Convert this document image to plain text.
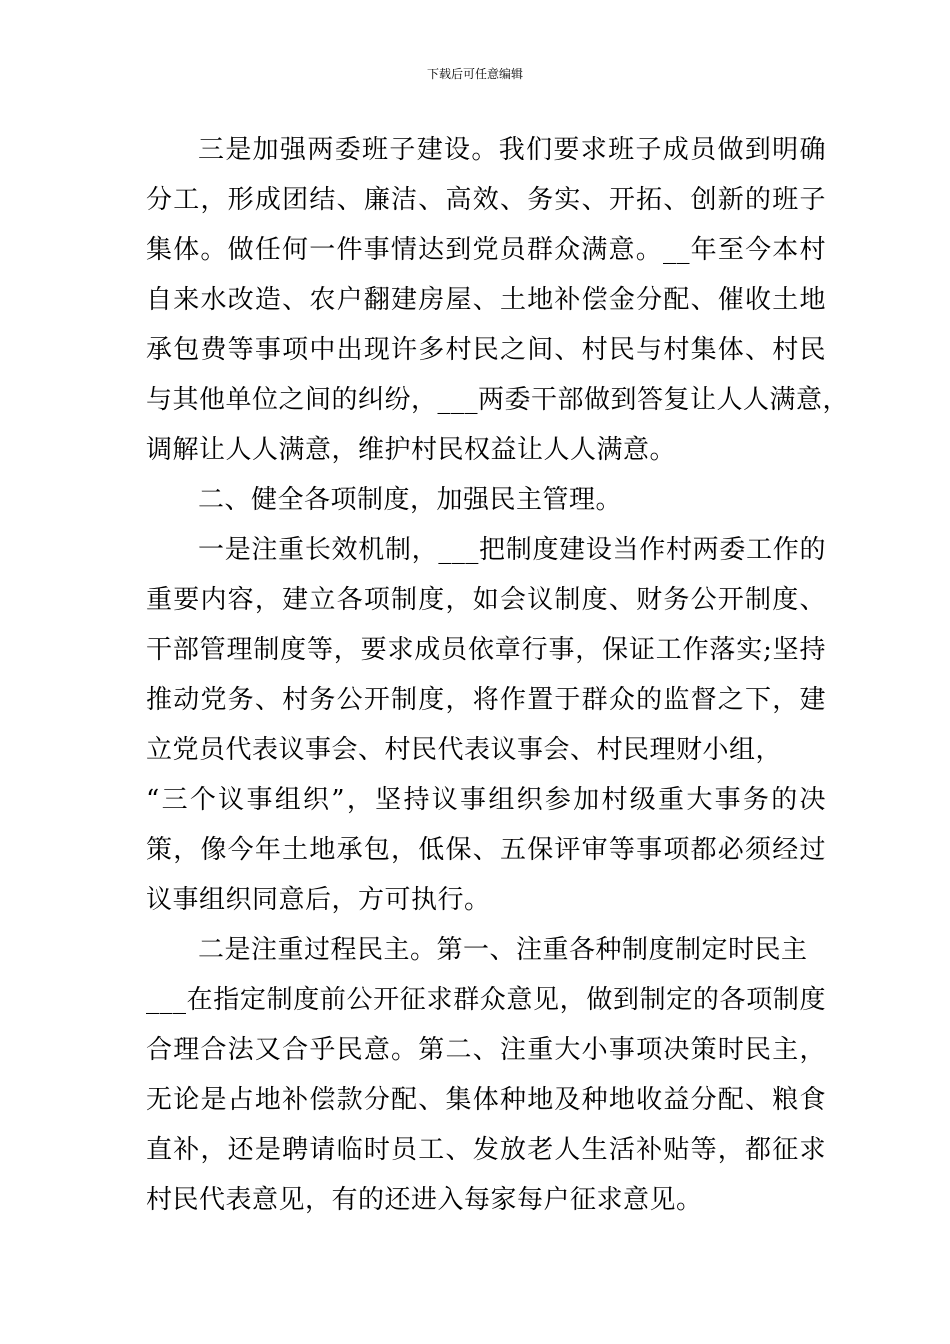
下载后可任意编辑
三是加强两委班子建设。我们要求班子成员做到明确
分工，形成团结、廉洁、高效、务实、开拓、创新的班子
集体。做任何一件事情达到党员群众满意。__年至今本村
自来水改造、农户翻建房屋、土地补偿金分配、催收土地
承包费等事项中出现许多村民之间、村民与村集体、村民
与其他单位之间的纠纷，___两委干部做到答复让人人满意，
调解让人人满意，维护村民权益让人人满意。
二、健全各项制度，加强民主管理。
一是注重长效机制，___把制度建设当作村两委工作的
重要内容，建立各项制度，如会议制度、财务公开制度、
干部管理制度等，要求成员依章行事，保证工作落实;坚持
推动党务、村务公开制度，将作置于群众的监督之下，建
立党员代表议事会、村民代表议事会、村民理财小组，
“三个议事组织”，坚持议事组织参加村级重大事务的决
策，像今年土地承包，低保、五保评审等事项都必须经过
议事组织同意后，方可执行。
二是注重过程民主。第一、注重各种制度制定时民主
___在指定制度前公开征求群众意见，做到制定的各项制度
合理合法又合乎民意。第二、注重大小事项决策时民主，
无论是占地补偿款分配、集体种地及种地收益分配、粮食
直补，还是聘请临时员工、发放老人生活补贴等，都征求
村民代表意见，有的还进入每家每户征求意见。
